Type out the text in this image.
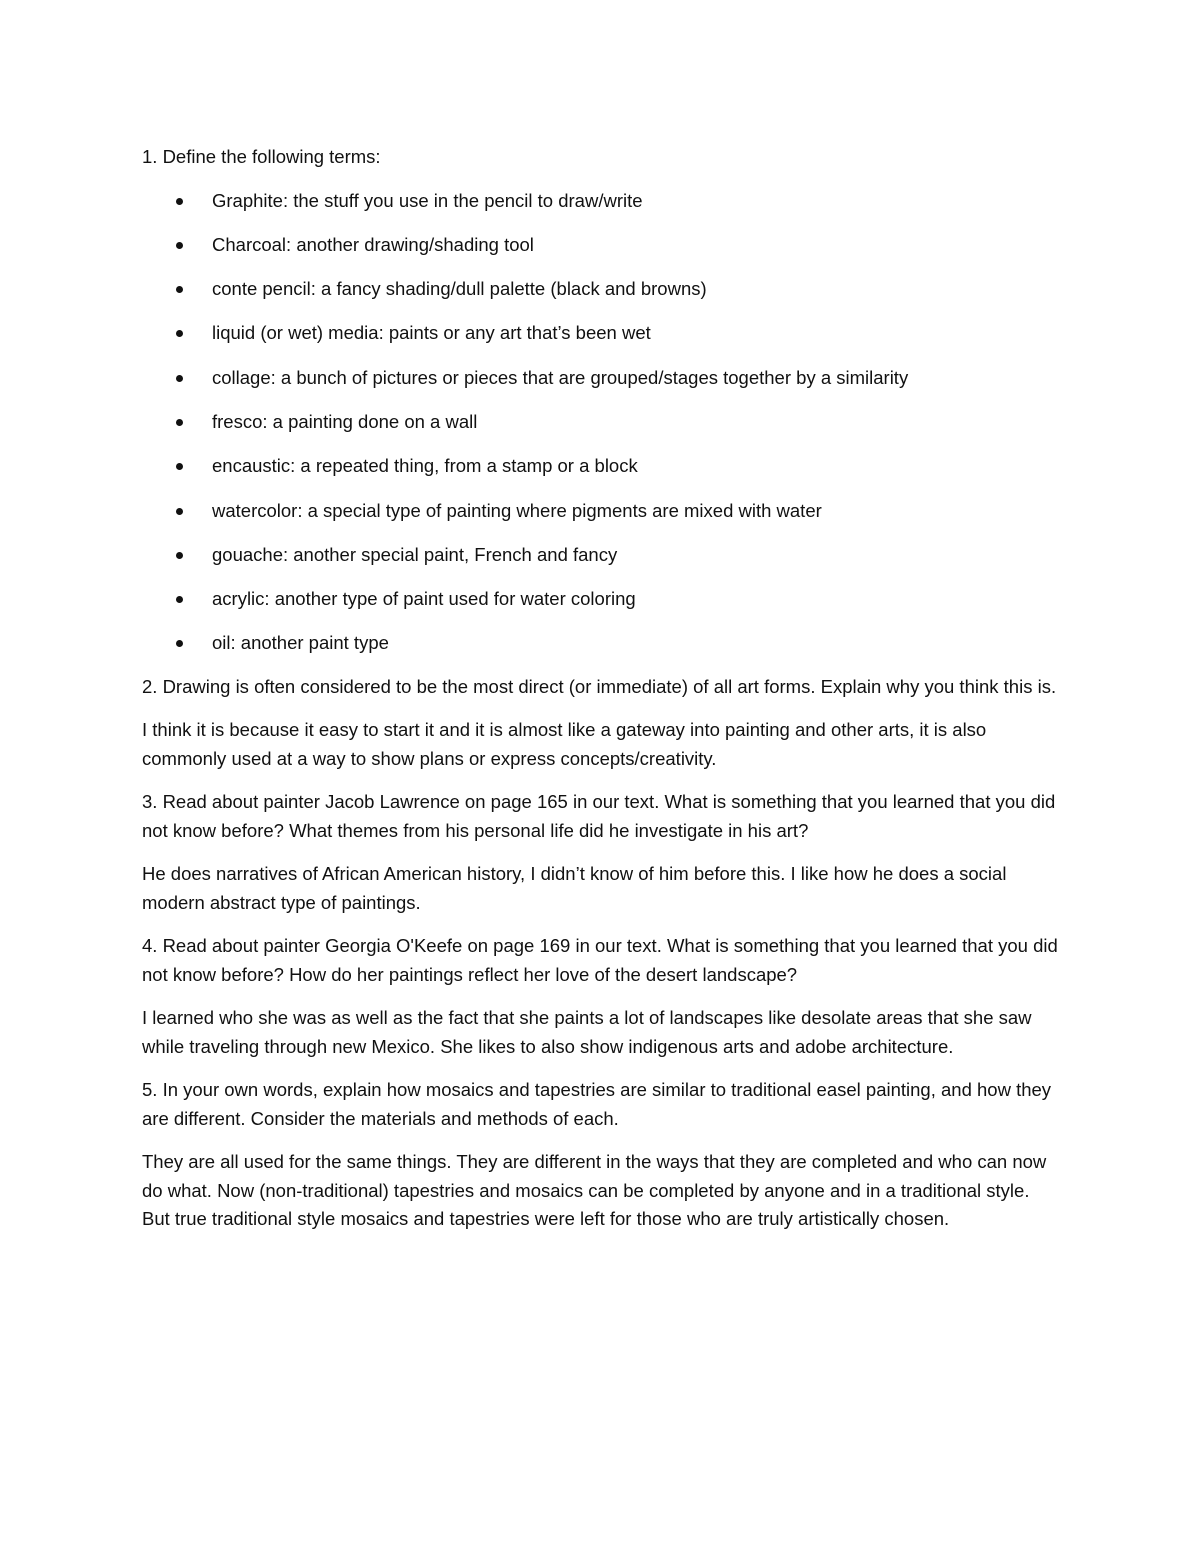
1. Define the following terms:

Graphite: the stuff you use in the pencil to draw/write
Charcoal: another drawing/shading tool
conte pencil: a fancy shading/dull palette (black and browns)
liquid (or wet) media: paints or any art that’s been wet
collage: a bunch of pictures or pieces that are grouped/stages together by a similarity
fresco: a painting done on a wall
encaustic: a repeated thing, from a stamp or a block
watercolor: a special type of painting where pigments are mixed with water
gouache: another special paint, French and fancy
acrylic: another type of paint used for water coloring
oil: another paint type

2. Drawing is often considered to be the most direct (or immediate) of all art forms. Explain why you think this is.

I think it is because it easy to start it and it is almost like a gateway into painting and other arts, it is also commonly used at a way to show plans or express concepts/creativity.

3. Read about painter Jacob Lawrence on page 165 in our text. What is something that you learned that you did not know before? What themes from his personal life did he investigate in his art?

He does narratives of African American history, I didn’t know of him before this. I like how he does a social modern abstract type of paintings.

4. Read about painter Georgia O'Keefe on page 169 in our text. What is something that you learned that you did not know before? How do her paintings reflect her love of the desert landscape?

I learned who she was as well as the fact that she paints a lot of landscapes like desolate areas that she saw while traveling through new Mexico. She likes to also show indigenous arts and adobe architecture.

5. In your own words, explain how mosaics and tapestries are similar to traditional easel painting, and how they are different. Consider the materials and methods of each.

They are all used for the same things. They are different in the ways that they are completed and who can now do what. Now (non-traditional) tapestries and mosaics can be completed by anyone and in a traditional style. But true traditional style mosaics and tapestries were left for those who are truly artistically chosen.
